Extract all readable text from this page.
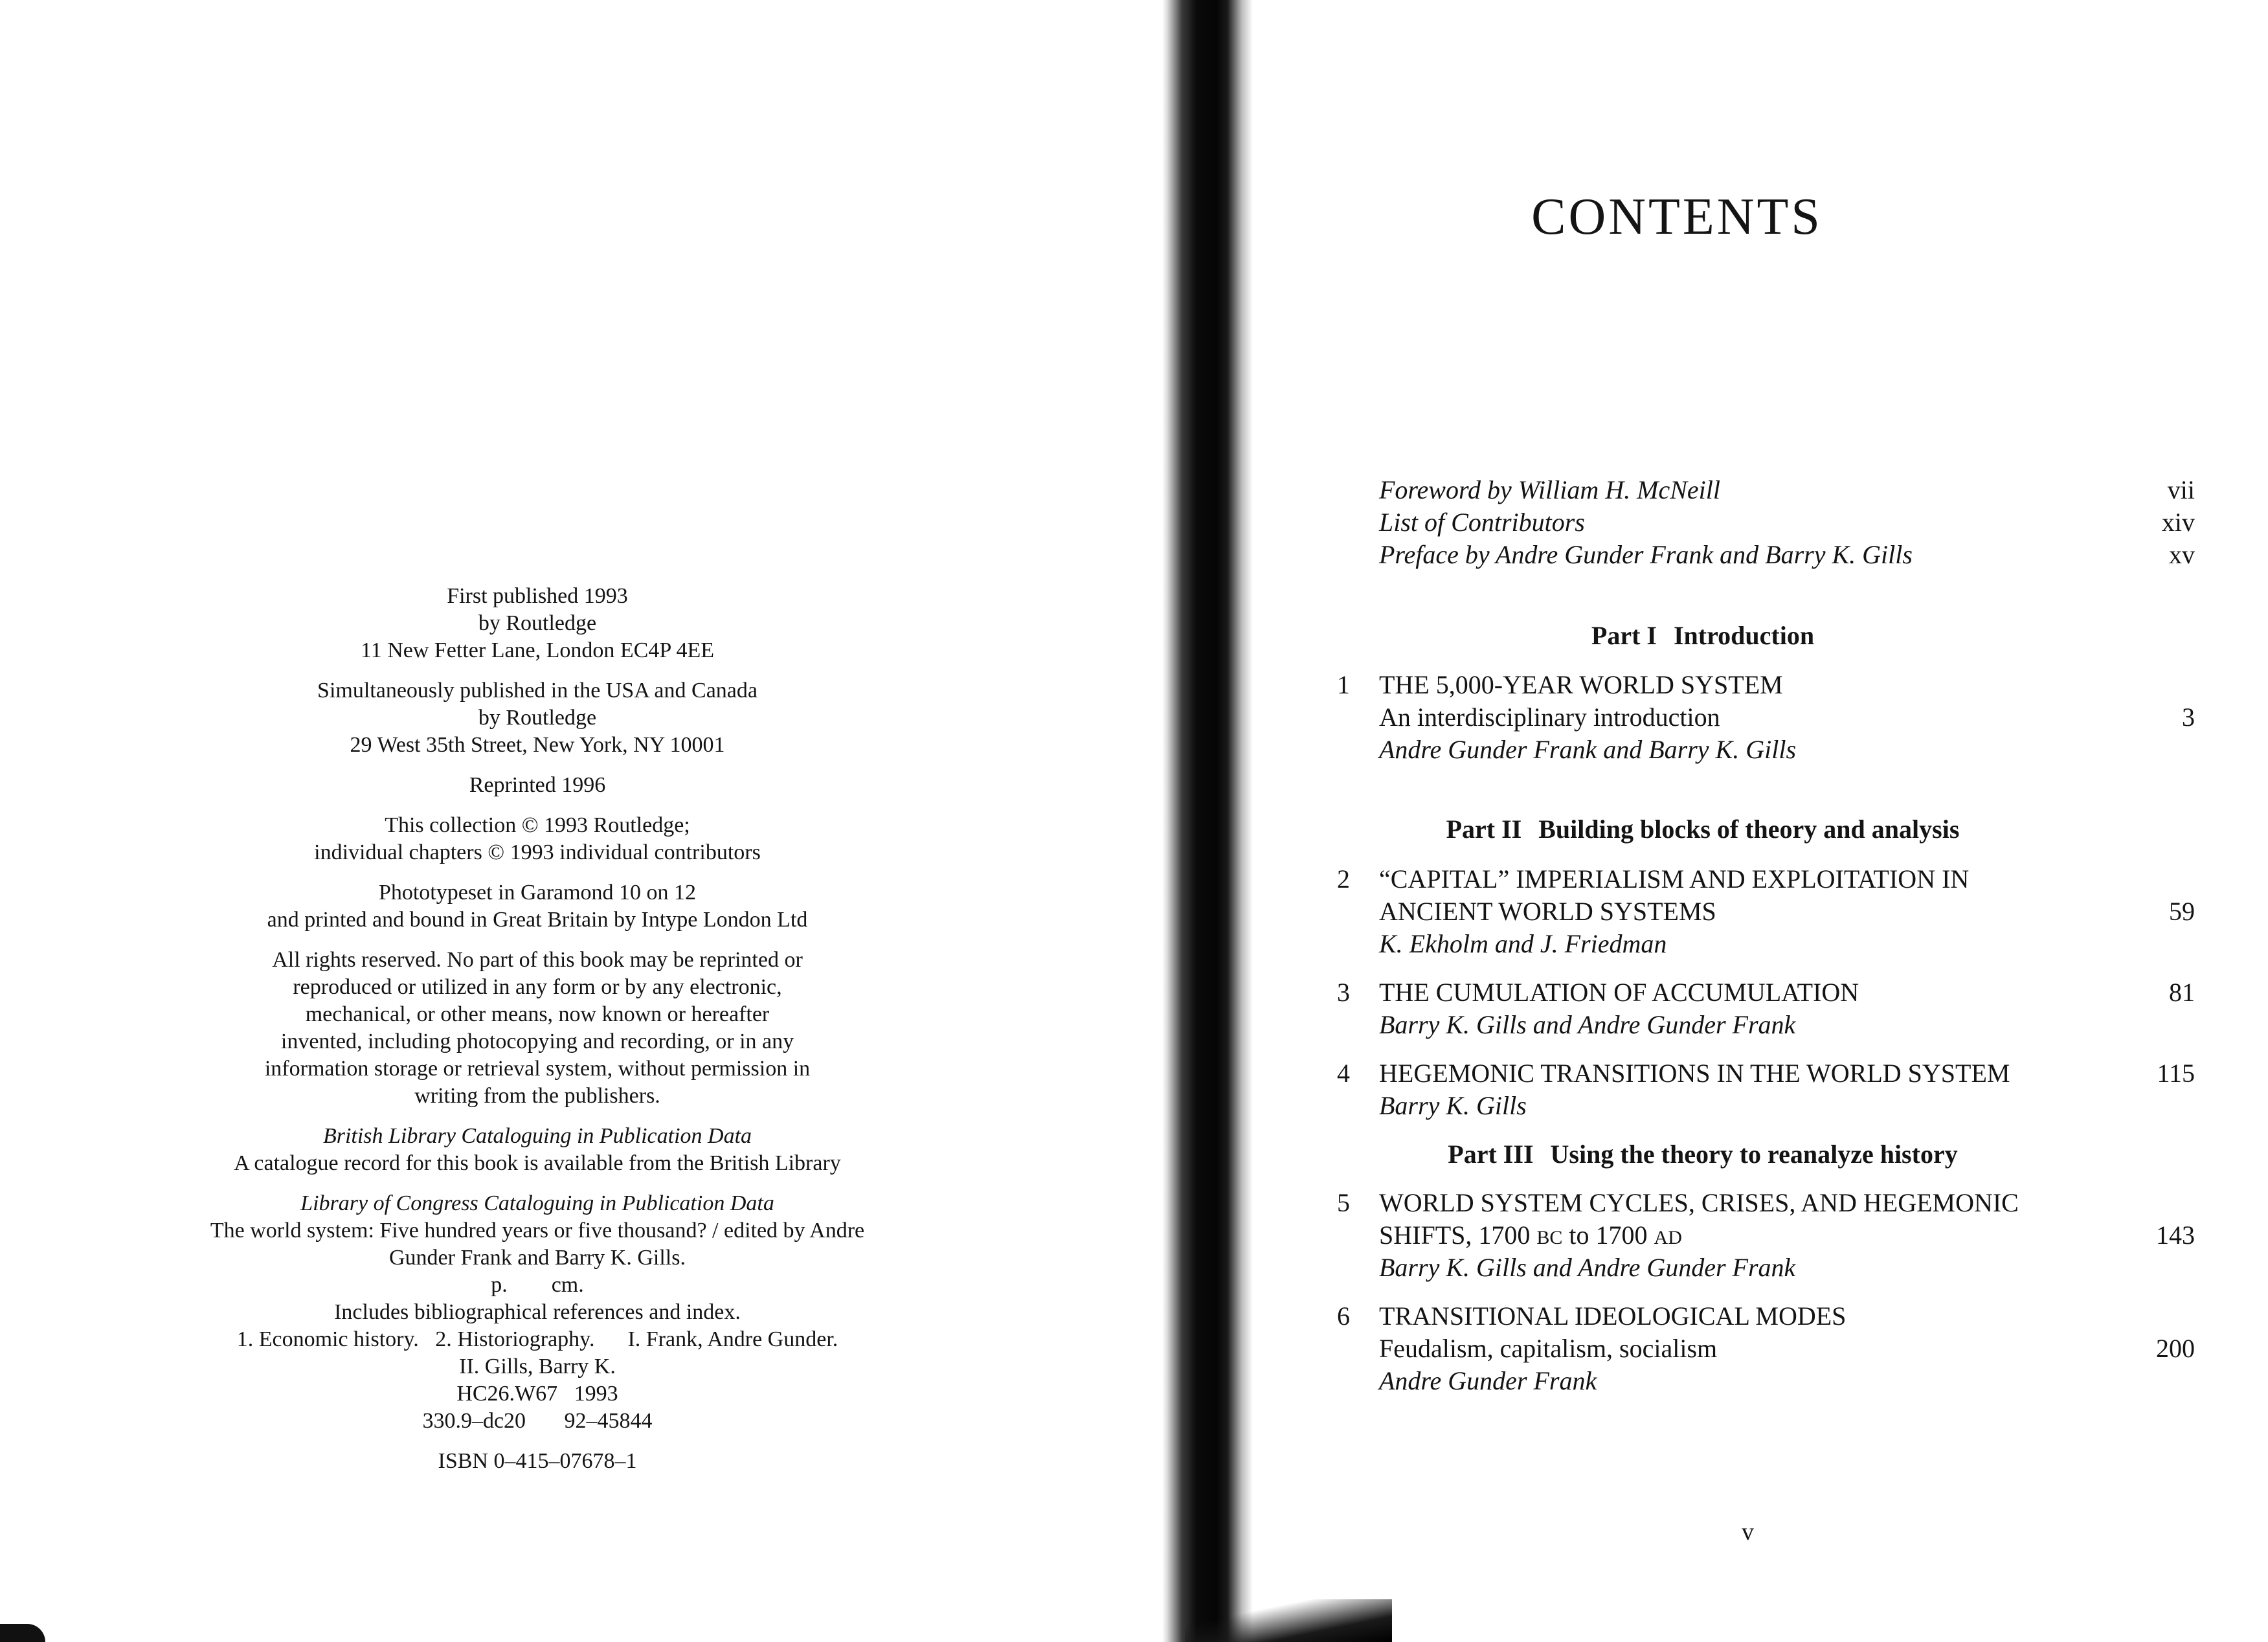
First published 1993
by Routledge
11 New Fetter Lane, London EC4P 4EE
Simultaneously published in the USA and Canada
by Routledge
29 West 35th Street, New York, NY 10001
Reprinted 1996
This collection © 1993 Routledge;
individual chapters © 1993 individual contributors
Phototypeset in Garamond 10 on 12
and printed and bound in Great Britain by Intype London Ltd
All rights reserved. No part of this book may be reprinted or
reproduced or utilized in any form or by any electronic,
mechanical, or other means, now known or hereafter
invented, including photocopying and recording, or in any
information storage or retrieval system, without permission in
writing from the publishers.
British Library Cataloguing in Publication Data
A catalogue record for this book is available from the British Library
Library of Congress Cataloguing in Publication Data
The world system: Five hundred years or five thousand? / edited by Andre
Gunder Frank and Barry K. Gills.
p.        cm.
Includes bibliographical references and index.
1. Economic history.   2. Historiography.      I. Frank, Andre Gunder.
II. Gills, Barry K.
HC26.W67   1993
330.9–dc20       92–45844
ISBN 0–415–07678–1
CONTENTS
Foreword by William H. McNeill	vii
List of Contributors	xiv
Preface by Andre Gunder Frank and Barry K. Gills	xv
Part I Introduction
1 THE 5,000-YEAR WORLD SYSTEM
An interdisciplinary introduction	3
Andre Gunder Frank and Barry K. Gills
Part II Building blocks of theory and analysis
2 “CAPITAL” IMPERIALISM AND EXPLOITATION IN
ANCIENT WORLD SYSTEMS	59
K. Ekholm and J. Friedman
3 THE CUMULATION OF ACCUMULATION	81
Barry K. Gills and Andre Gunder Frank
4 HEGEMONIC TRANSITIONS IN THE WORLD SYSTEM	115
Barry K. Gills
Part III Using the theory to reanalyze history
5 WORLD SYSTEM CYCLES, CRISES, AND HEGEMONIC
SHIFTS, 1700 BC to 1700 AD	143
Barry K. Gills and Andre Gunder Frank
6 TRANSITIONAL IDEOLOGICAL MODES
Feudalism, capitalism, socialism	200
Andre Gunder Frank
v
